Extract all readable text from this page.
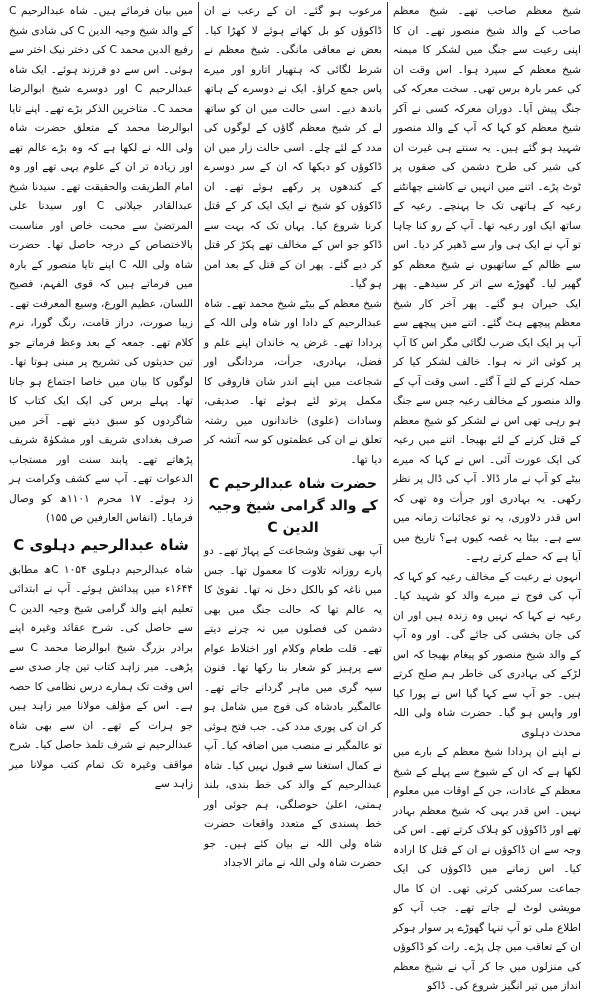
شیخ معظم صاحب تھے۔ شیخ معظم صاحب کے والد شیخ منصور تھے۔ ان کا اپنی رعیت سے جنگ میں لشکر کا میمنہ شیخ معظم کے سپرد ہوا۔ اس وقت ان کی عمر بارہ برس تھی۔ سخت معرکہ کی جنگ پیش آیا۔ دوران معرکہ کسی نے آکر شیخ معظم کو کہا کہ آپ کے والد منصور شہید ہو گئے ہیں۔ یہ سنتے ہی غیرت ان کی شیر کی طرح دشمن کی صفوں پر ٹوٹ پڑے۔ اتنے میں انہیں نے کاشنے چھانٹنے رعیہ کے ہاتھی تک جا پہنچے۔ رعیہ کے ساتھ ایک اور رعیہ تھا۔ آپ کے رو کنا چاہا تو آپ نے ایک ہی وار سے ڈھیر کر دیا۔ اس سے ظالم کے ساتھیوں نے شیخ معظم کو گھیر لیا۔ گھوڑے سے اتر کر سیدھے۔ پھر ایک حیران ہو گئے۔ پھر آخر کار شیخ معظم پیچھے ہٹ گئے۔ اتنے میں پیچھے سے آپ پر ایک ایک ضرب لگائی مگر اس کا آپ پر کوئی اثر نہ ہوا۔ خالف لشکر کیا کر حملہ کرنے کے لئے آ گئے۔ اسی وقت آپ کے والد منصور کے مخالف رعیہ جس سے جنگ ہو رہی تھی اس نے لشکر کو شیخ معظم کے قتل کرنے کے لئے بھیجا۔ اتنے میں رعیہ کی ایک عورت آئی۔ اس نے کہا کہ میرے بیٹے کو آپ نے مار ڈالا۔ آپ کی ڈال پر نظر رکھی۔ یہ بہادری اور جرأت وہ تھی کہ اس قدر دلاوری، یہ تو عجائبات زمانہ میں سے ہے۔ بیٹا یہ غصہ کیوں ہے؟ تاریخ میں آیا ہے کہ حملے کرتے رہے۔

انہوں نے رعیت کے مخالف رعیہ کو کہا کہ آپ کی فوج نے میرے والد کو شہید کیا۔ رعیہ نے کہا کہ نہیں وہ زندہ ہیں اور ان کی جان بخشی کی جائے گی۔ اور وہ آپ کے والد شیخ منصور کو پیغام بھیجا کہ اس لڑکے کی بہادری کی خاطر ہم صلح کرتے ہیں۔ جو آپ سے کہا گیا اس نے پورا کیا اور واپس ہو گیا۔ حضرت شاہ ولی اللہ محدث دہلوی

نے اپنے ان پردادا شیخ معظم کے بارے میں لکھا ہے کہ ان کے شیوخ سے پہلے کے شیخ معظم کے عادات، جن کے اوقات میں معلوم نہیں۔ اس قدر یہی کہ شیخ معظم بہادر تھے اور ڈاکوؤں کو ہلاک کرتے تھے۔ اس کی وجہ سے ان ڈاکوؤں نے ان کے قتل کا ارادہ کیا۔ اس زمانے میں ڈاکوؤں کی ایک جماعت سرکشی کرتی تھی۔ ان کا مال مویشی لوٹ لے جاتے تھے۔ جب آپ کو اطلاع ملی تو آپ تنہا گھوڑے پر سوار ہوکر ان کے تعاقب میں چل پڑے۔ رات کو ڈاکوؤں کی منزلوں میں جا کر آپ نے شیخ معظم انداز میں تیر انگیز شروع کی۔ ڈاکو

مرعوب ہو گئے۔ ان کے رعب نے ان ڈاکوؤں کو بل کھاتے ہوئے لا کھڑا کیا۔ بعض نے معافی مانگی۔ شیخ معظم نے شرط لگائی کہ ہتھیار اتارو اور میرے پاس جمع کراؤ۔ ایک نے دوسرے کے ہاتھ باندھ دیے۔ اسی حالت میں ان کو ساتھ لے کر شیخ معظم گاؤں کے لوگوں کی مدد کے لئے چلے۔ اسی حالت زار میں ان ڈاکوؤں کو دیکھا کہ ان کے سر دوسرے کے کندھوں پر رکھے ہوئے تھے۔ ان ڈاکوؤں کو شیخ نے ایک ایک کر کے قتل کرنا شروع کیا۔ یہاں تک کہ بہت سے ڈاکو جو اس کے مخالف تھے پکڑ کر قتل کر دیے گئے۔ پھر ان کے قتل کے بعد امن ہو گیا۔

شیخ معظم کے بیٹے شیخ محمد تھے۔ شاہ عبدالرحیم کے دادا اور شاہ ولی اللہ کے پردادا تھے۔ غرض یہ خاندان اپنے علم و فضل، بہادری، جرأت، مردانگی اور شجاعت میں اپنے اندر شان فاروقی کا مکمل پرتو لئے ہوئے تھا۔ صدیقی، وسادات (علوی) خاندانوں میں رشتہ تعلق نے ان کی عظمتوں کو سہ آتشہ کر دیا تھا۔

حضرت شاہ عبدالرحیم C کے والد گرامی شیخ وجیہ الدین C

آپ بھی تقویٰ وشجاعت کے پہاڑ تھے۔ دو پارے روزانہ تلاوت کا معمول تھا۔ جس میں ناغہ کو بالکل دخل نہ تھا۔ تقویٰ کا یہ عالم تھا کہ حالت جنگ میں بھی دشمن کی فصلوں میں نہ چرنے دیتے تھے۔ قلت طعام وکلام اور اختلاط عوام سے پرہیز کو شعار بنا رکھا تھا۔ فنون سپہ گری میں ماہر گردانے جاتے تھے۔ عالمگیر بادشاہ کی فوج میں شامل ہو کر ان کی پوری مدد کی۔ جب فتح ہوئی تو عالمگیر نے منصب میں اضافہ کیا۔ آپ نے کمال استغنا سے قبول نہیں کیا۔ شاہ عبدالرحیم کے والد کی خط بندی، بلند ہمتی، اعلیٰ حوصلگی، ہم جوئی اور خط پسندی کے متعدد واقعات حضرت شاہ ولی اللہ نے بیان کئے ہیں۔ جو حضرت شاہ ولی اللہ نے ماثر الاجداد

میں بیان فرمائے ہیں۔ شاہ عبدالرحیم C کے والد شیخ وجیہ الدین C کی شادی شیخ رفیع الدین محمد C کی دختر نیک اختر سے ہوئی۔ اس سے دو فرزند ہوئے۔ ایک شاہ عبدالرحیم C اور دوسرے شیخ ابوالرضا محمد C۔ متاخرین الذکر بڑے تھے۔ اپنے تایا ابوالرضا محمد کے متعلق حضرت شاہ ولی اللہ نے لکھا ہے کہ وہ بڑے عالم تھے اور زیادہ تر ان کے علوم یہی تھے اور وہ امام الطریقت والحقیقت تھے۔ سیدنا شیخ عبدالقادر جیلانی C اور سیدنا علی المرتضیٰ سے محبت خاص اور مناسبت بالاختصاص کے درجہ حاصل تھا۔ حضرت شاہ ولی اللہ C اپنے تایا منصور کے بارہ میں فرماتے ہیں کہ قوی الفہم، فصیح اللسان، عظیم الورع، وسیع المعرفت تھے۔ زیبا صورت، دراز قامت، رنگ گورا، نرم کلام تھے۔ جمعہ کے بعد وعظ فرماتے جو تین حدیثوں کی تشریح پر مبنی ہوتا تھا۔ لوگوں کا بیان میں خاصا اجتماع ہو جاتا تھا۔ پہلے برس کی ایک ایک کتاب کا شاگردوں کو سبق دیتے تھے۔ آخر میں صرف بغدادی شریف اور مشکوٰۃ شریف پڑھاتے تھے۔ پابند سنت اور مستجاب الدعوات تھے۔ آپ سے کشف وکرامت ہر زد ہوئے۔ ۱۷ محرم ۱۱۰۱ھ کو وصال فرمایا۔ (انفاس العارفین ص ۱۵۵)

شاہ عبدالرحیم دہلوی C

شاہ عبدالرحیم دہلوی C ۱۰۵۴ھ مطابق ۱۶۴۴ء میں پیدائش ہوئے۔ آپ نے ابتدائی تعلیم اپنے والد گرامی شیخ وجیہ الدین C سے حاصل کی۔ شرح عقائد وغیرہ اپنے برادر بزرگ شیخ ابوالرضا محمد C سے پڑھی۔ میر زاہد کتاب تین چار صدی سے اس وقت تک ہمارے درس نظامی کا حصہ ہے۔ اس کے مؤلف مولانا میر زاہد ہیں جو ہرات کے تھے۔ ان سے بھی شاہ عبدالرحیم نے شرف تلمذ حاصل کیا۔ شرح مواقف وغیرہ تک تمام کتب مولانا میر زاہد سے
